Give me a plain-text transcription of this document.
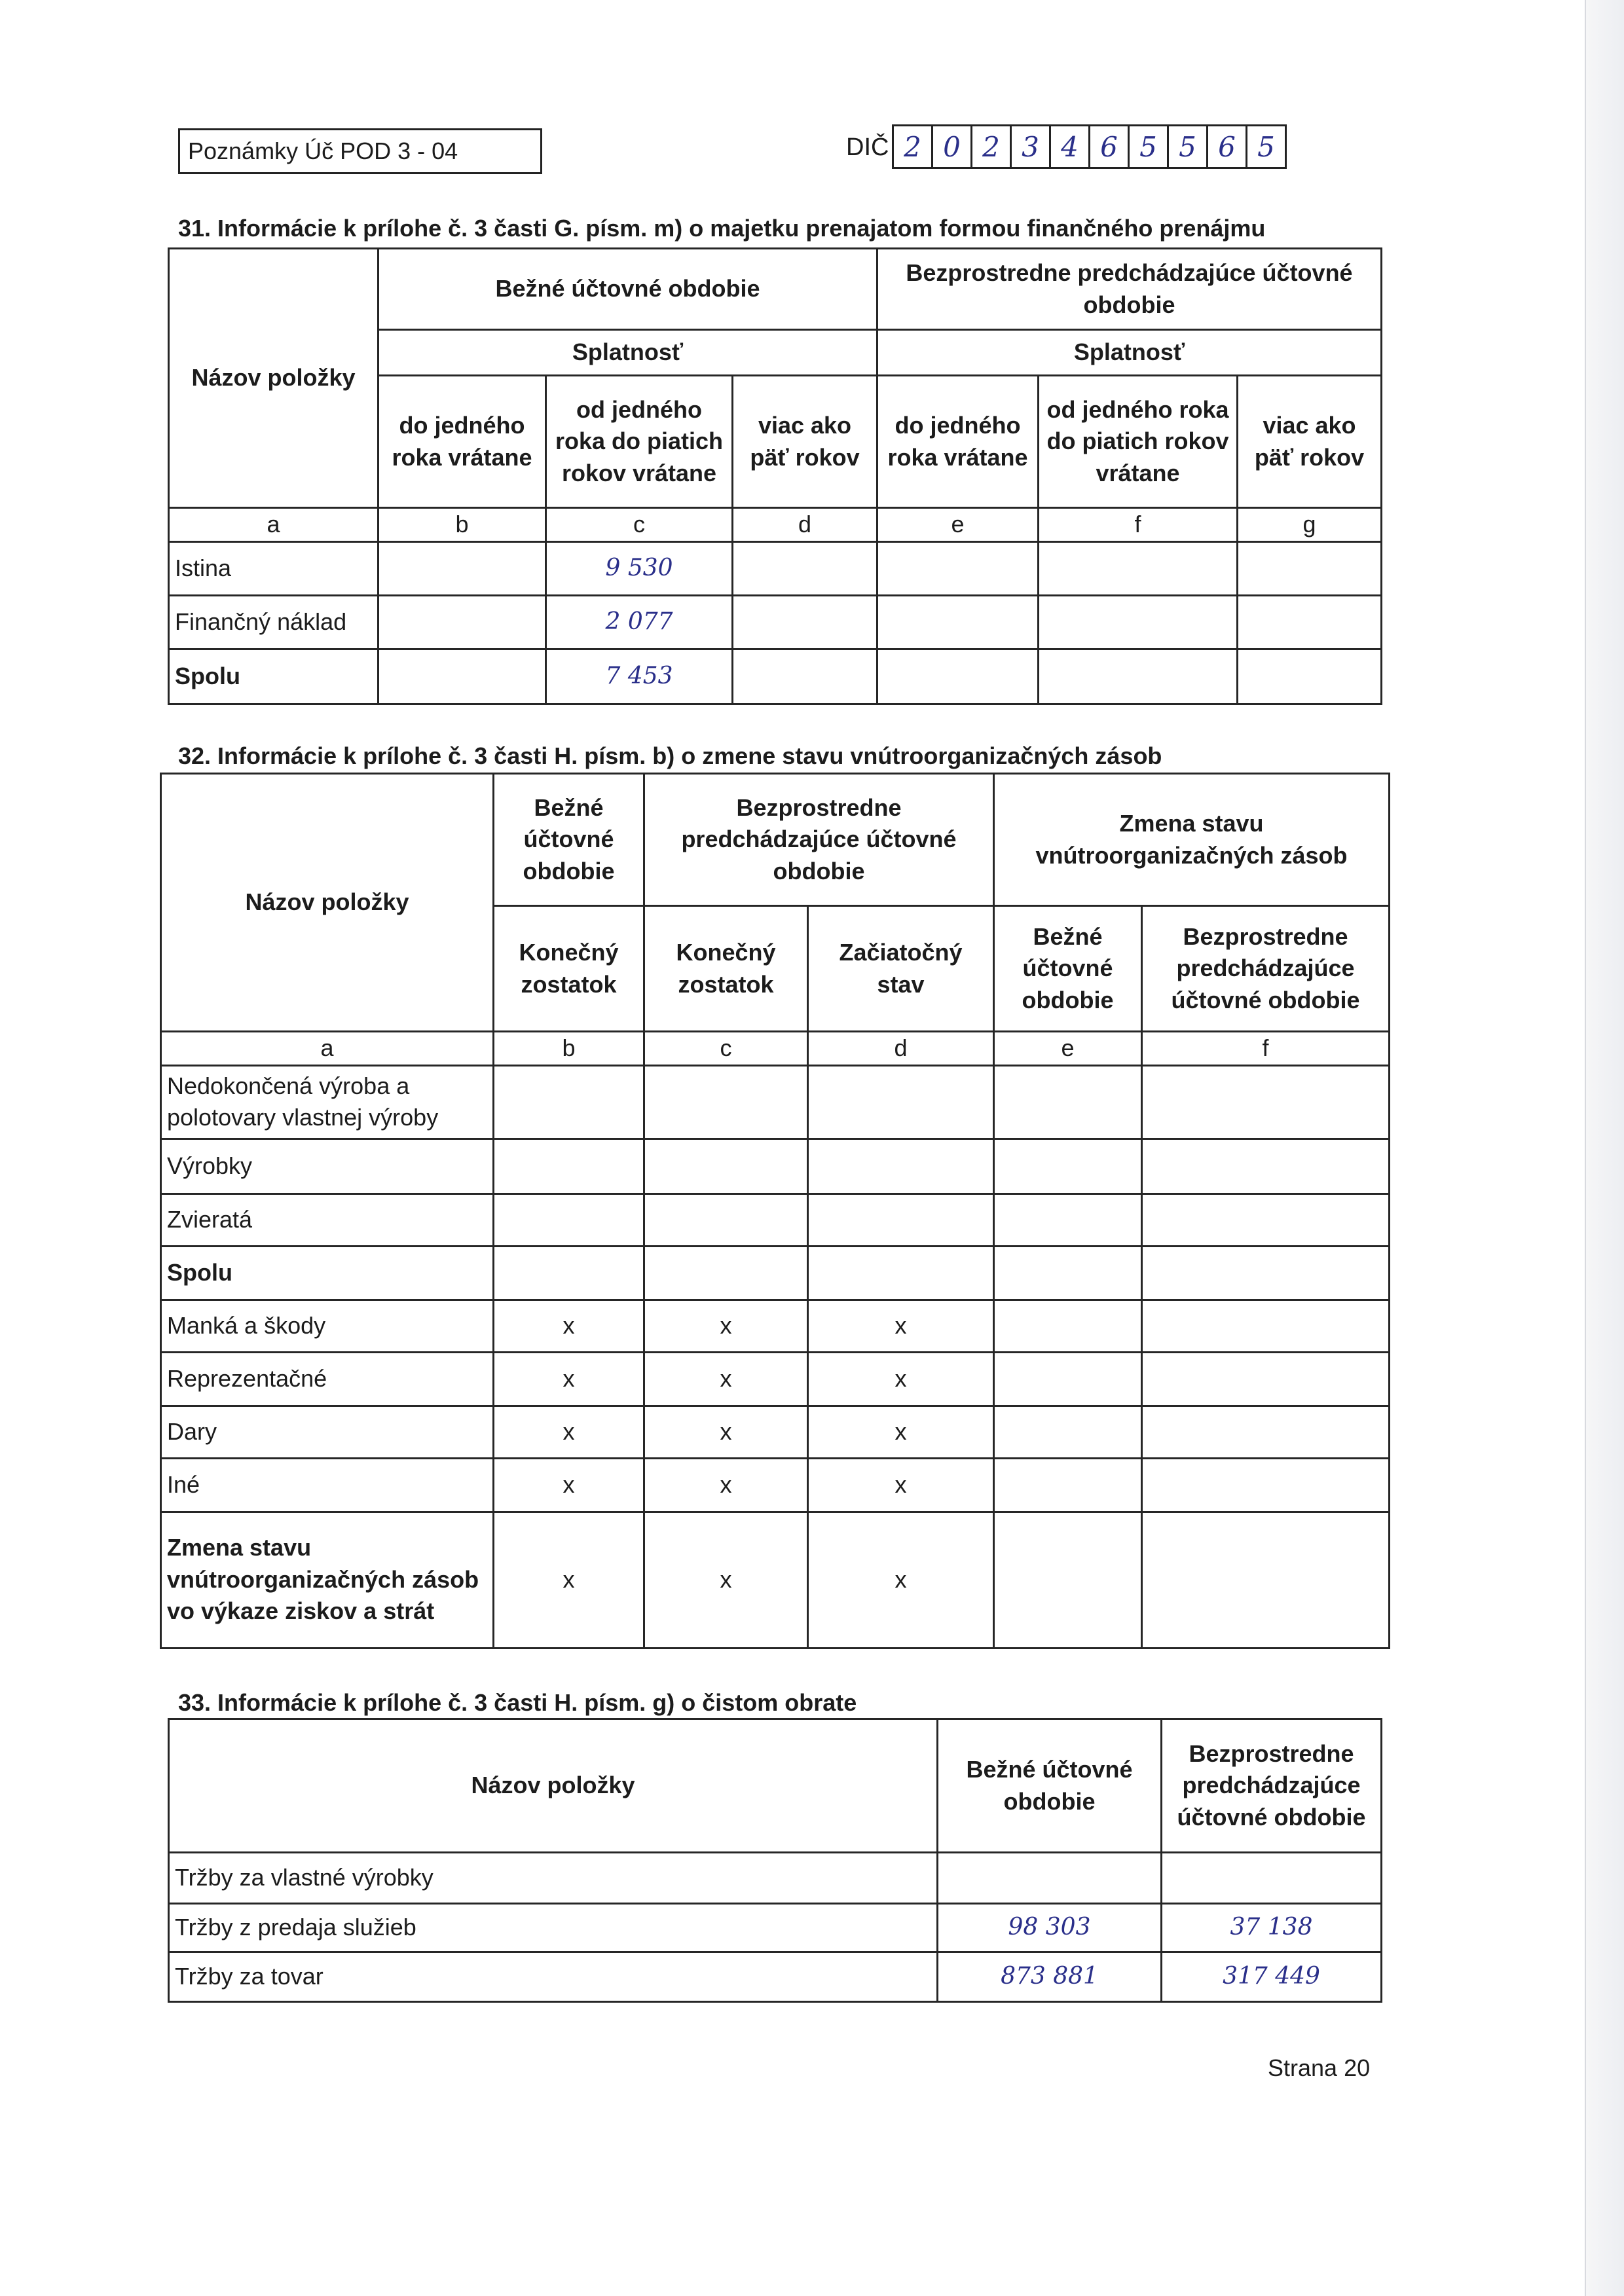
Poznámky Úč POD 3 - 04	DIČ 2 0 2 3 4 6 5 5 6 5
31. Informácie k prílohe č. 3 časti G. písm. m) o majetku prenajatom formou finančného prenájmu
Názov položky	Bežné účtovné obdobie			Bezprostredne predchádzajúce účtovné obdobie		
	Splatnosť			Splatnosť		
	do jedného roka vrátane	od jedného roka do piatich rokov vrátane	viac ako päť rokov	do jedného roka vrátane	od jedného roka do piatich rokov vrátane	viac ako päť rokov
a	b	c	d	e	f	g
Istina		9 530				
Finančný náklad		2 077				
Spolu		7 453				
32. Informácie k prílohe č. 3 časti H. písm. b) o zmene stavu vnútroorganizačných zásob
Názov položky	Bežné účtovné obdobie	Bezprostredne predchádzajúce účtovné obdobie		Zmena stavu vnútroorganizačných zásob	
	Konečný zostatok	Konečný zostatok	Začiatočný stav	Bežné účtovné obdobie	Bezprostredne predchádzajúce účtovné obdobie
a	b	c	d	e	f
Nedokončená výroba a polotovary vlastnej výroby					
Výrobky					
Zvieratá					
Spolu					
Manká a škody	x	x	x		
Reprezentačné	x	x	x		
Dary	x	x	x		
Iné	x	x	x		
Zmena stavu vnútroorganizačných zásob vo výkaze ziskov a strát	x	x	x		
33. Informácie k prílohe č. 3 časti H. písm. g) o čistom obrate
Názov položky	Bežné účtovné obdobie	Bezprostredne predchádzajúce účtovné obdobie
Tržby za vlastné výrobky		
Tržby z predaja služieb	98 303	37 138
Tržby za tovar	873 881	317 449
Strana 20
